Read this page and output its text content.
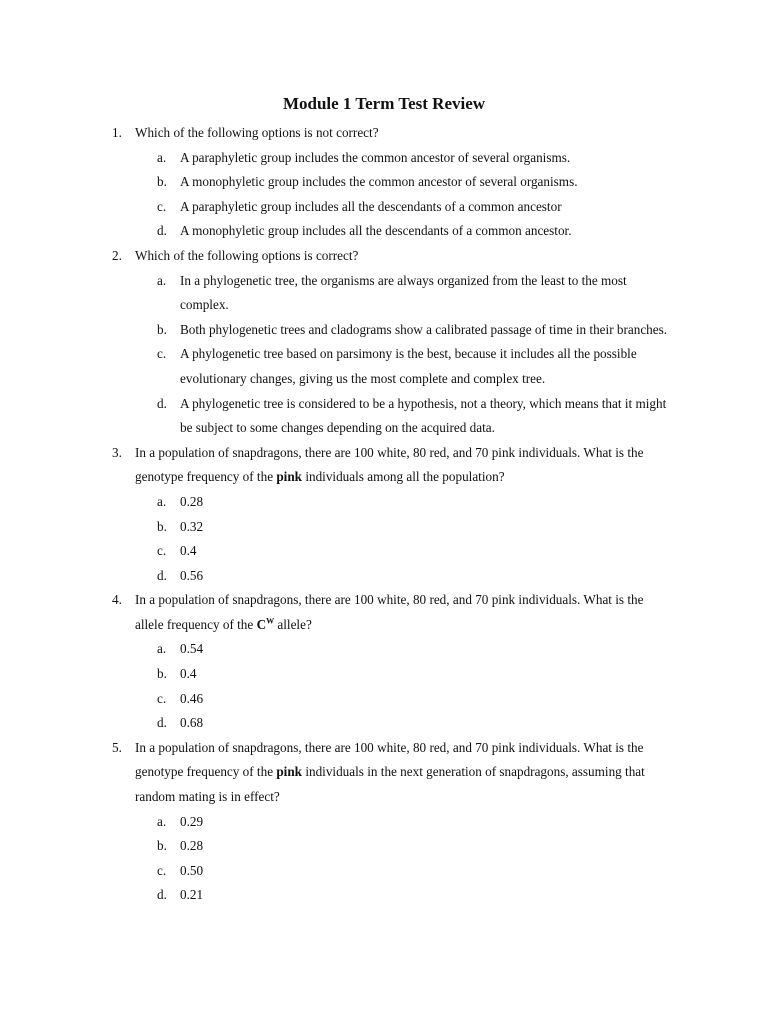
Module 1 Term Test Review
1. Which of the following options is not correct?
a. A paraphyletic group includes the common ancestor of several organisms.
b. A monophyletic group includes the common ancestor of several organisms.
c. A paraphyletic group includes all the descendants of a common ancestor
d. A monophyletic group includes all the descendants of a common ancestor.
2. Which of the following options is correct?
a. In a phylogenetic tree, the organisms are always organized from the least to the most complex.
b. Both phylogenetic trees and cladograms show a calibrated passage of time in their branches.
c. A phylogenetic tree based on parsimony is the best, because it includes all the possible evolutionary changes, giving us the most complete and complex tree.
d. A phylogenetic tree is considered to be a hypothesis, not a theory, which means that it might be subject to some changes depending on the acquired data.
3. In a population of snapdragons, there are 100 white, 80 red, and 70 pink individuals. What is the genotype frequency of the pink individuals among all the population?
a. 0.28
b. 0.32
c. 0.4
d. 0.56
4. In a population of snapdragons, there are 100 white, 80 red, and 70 pink individuals. What is the allele frequency of the $C^W$ allele?
a. 0.54
b. 0.4
c. 0.46
d. 0.68
5. In a population of snapdragons, there are 100 white, 80 red, and 70 pink individuals. What is the genotype frequency of the pink individuals in the next generation of snapdragons, assuming that random mating is in effect?
a. 0.29
b. 0.28
c. 0.50
d. 0.21
